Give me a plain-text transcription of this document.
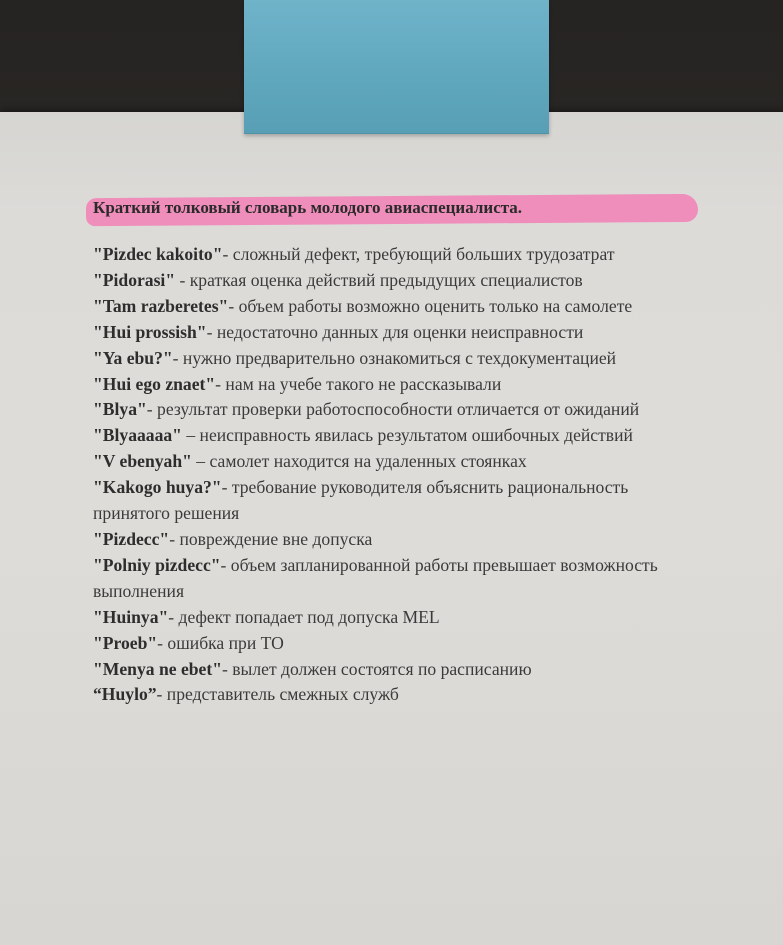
Краткий толковый словарь молодого авиаспециалиста.
"Pizdec kakoito"- сложный дефект, требующий больших трудозатрат
"Pidorasi" - краткая оценка действий предыдущих специалистов
"Tam razberetes"- объем работы возможно оценить только на самолете
"Hui prossish"- недостаточно данных для оценки неисправности
"Ya ebu?"- нужно предварительно ознакомиться с техдокументацией
"Hui ego znaet"- нам на учебе такого не рассказывали
"Blya"- результат проверки работоспособности отличается от ожиданий
"Blyaaaaa" – неисправность явилась результатом ошибочных действий
"V ebenyah" – самолет находится на удаленных стоянках
"Kakogo huya?"- требование руководителя объяснить рациональность принятого решения
"Pizdecc"- повреждение вне допуска
"Polniy pizdecc"- объем запланированной работы превышает возможность выполнения
"Huinya"- дефект попадает под допуска MEL
"Proeb"- ошибка при ТО
"Menya ne ebet"- вылет должен состоятся по расписанию
“Huylo”- представитель смежных служб
